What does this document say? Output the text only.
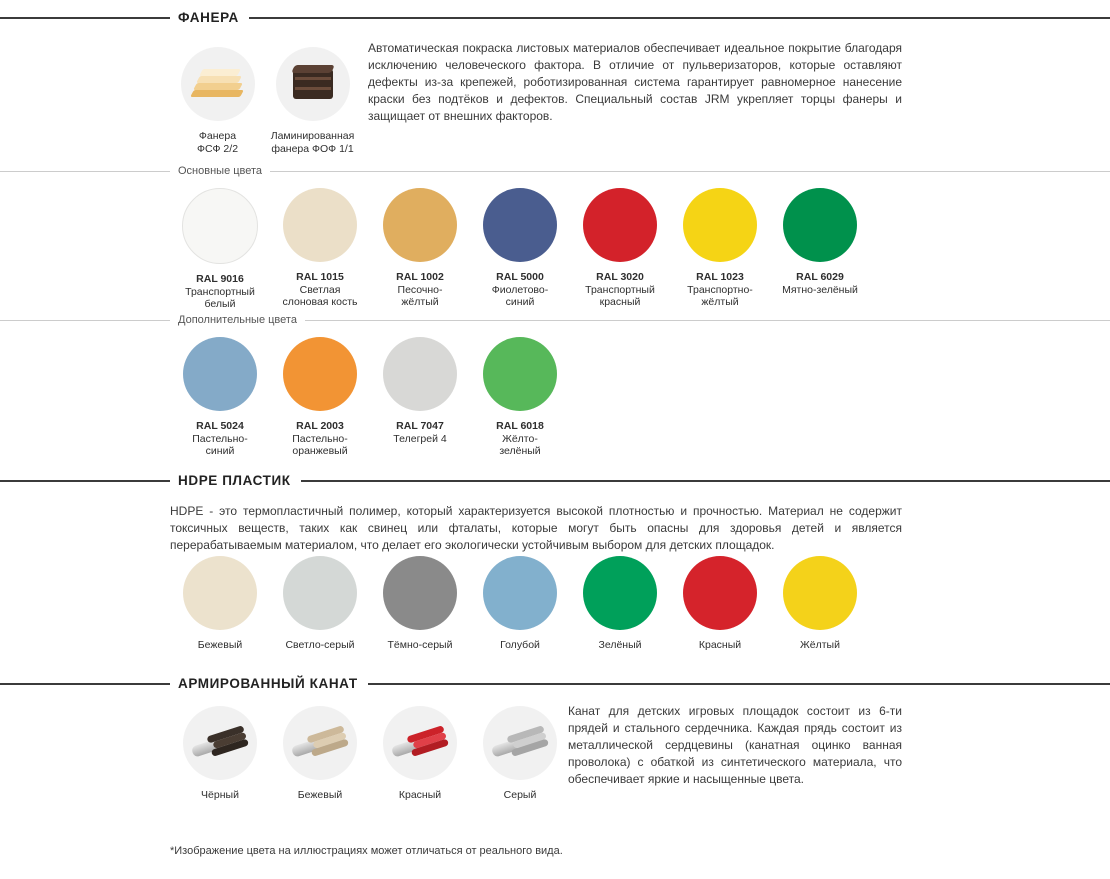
ФАНЕРА
Фанера
ФСФ 2/2
Ламинированная
фанера ФОФ 1/1
Автоматическая покраска листовых материалов обеспечивает идеальное покрытие благодаря исключению человеческого фактора. В отличие от пульверизаторов, которые оставляют дефекты из-за крепежей, роботизированная система гарантирует равномерное нанесение краски без подтёков и дефектов. Специальный состав JRM укрепляет торцы фанеры и защищает от внешних факторов.
Основные цвета
RAL 9016
Транспортный
белый
RAL 1015
Светлая
слоновая кость
RAL 1002
Песочно-
жёлтый
RAL 5000
Фиолетово-
синий
RAL 3020
Транспортный
красный
RAL 1023
Транспортно-
жёлтый
RAL 6029
Мятно-зелёный
Дополнительные цвета
RAL 5024
Пастельно-
синий
RAL 2003
Пастельно-
оранжевый
RAL 7047
Телегрей 4
RAL 6018
Жёлто-
зелёный
HDPE ПЛАСТИК
HDPE - это термопластичный полимер, который характеризуется высокой плотностью и прочностью. Материал не содержит токсичных веществ, таких как свинец или фталаты, которые могут быть опасны для здоровья детей и является перерабатываемым материалом, что делает его экологически устойчивым выбором для детских площадок.
Бежевый	Светло-серый	Тёмно-серый	Голубой	Зелёный	Красный	Жёлтый
АРМИРОВАННЫЙ КАНАТ
Чёрный	Бежевый	Красный	Серый
Канат для детских игровых площадок состоит из 6-ти прядей и стального сердечника. Каждая прядь состоит из металлической сердцевины (канатная оцинко ванная проволока) с обаткой из синтетического материала, что обеспечивает яркие и насыщенные цвета.
*Изображение цвета на иллюстрациях может отличаться от реального вида.
